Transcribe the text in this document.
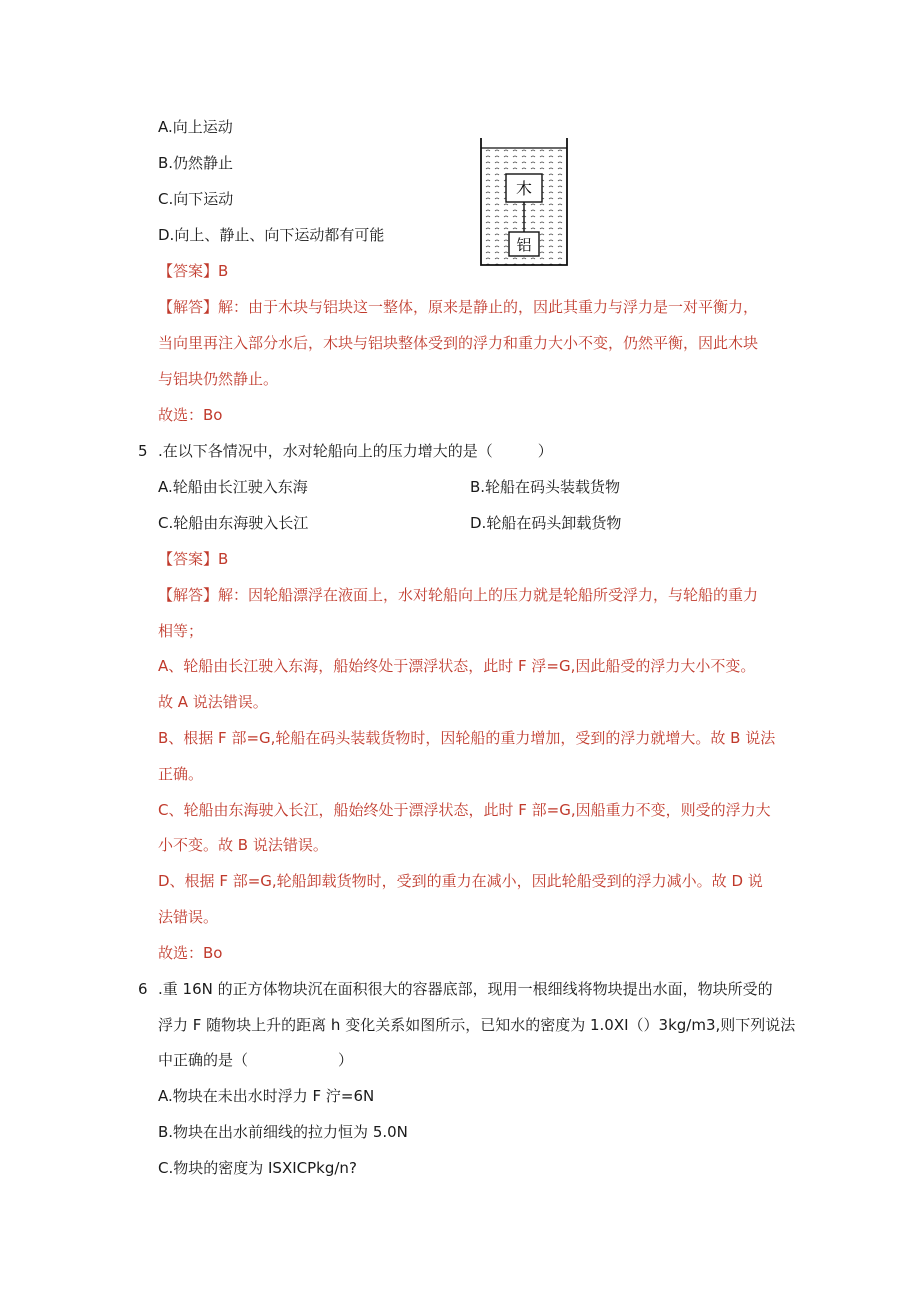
A.向上运动
B.仍然静止
C.向下运动
D.向上、静止、向下运动都有可能
木
铝
【答案】B
【解答】解：由于木块与铝块这一整体，原来是静止的，因此其重力与浮力是一对平衡力，
当向里再注入部分水后，木块与铝块整体受到的浮力和重力大小不变，仍然平衡，因此木块
与铝块仍然静止。
故选：Bo
5 .在以下各情况中，水对轮船向上的压力增大的是（　　　）
A.轮船由长江驶入东海	B.轮船在码头装载货物
C.轮船由东海驶入长江	D.轮船在码头卸载货物
【答案】B
【解答】解：因轮船漂浮在液面上，水对轮船向上的压力就是轮船所受浮力，与轮船的重力
相等；
A、轮船由长江驶入东海，船始终处于漂浮状态，此时 F 浮=G,因此船受的浮力大小不变。
故 A 说法错误。
B、根据 F 部=G,轮船在码头装载货物时，因轮船的重力增加，受到的浮力就增大。故 B 说法
正确。
C、轮船由东海驶入长江，船始终处于漂浮状态，此时 F 部=G,因船重力不变，则受的浮力大
小不变。故 B 说法错误。
D、根据 F 部=G,轮船卸载货物时，受到的重力在减小，因此轮船受到的浮力减小。故 D 说
法错误。
故选：Bo
6 .重 16N 的正方体物块沉在面积很大的容器底部，现用一根细线将物块提出水面，物块所受的
浮力 F 随物块上升的距离 h 变化关系如图所示，已知水的密度为 1.0XI（）3kg∕m3,则下列说法
中正确的是（　　　　　　）
A.物块在未出水时浮力 F 泞=6N
B.物块在出水前细线的拉力恒为 5.0N
C.物块的密度为 ISXICPkg/n?
